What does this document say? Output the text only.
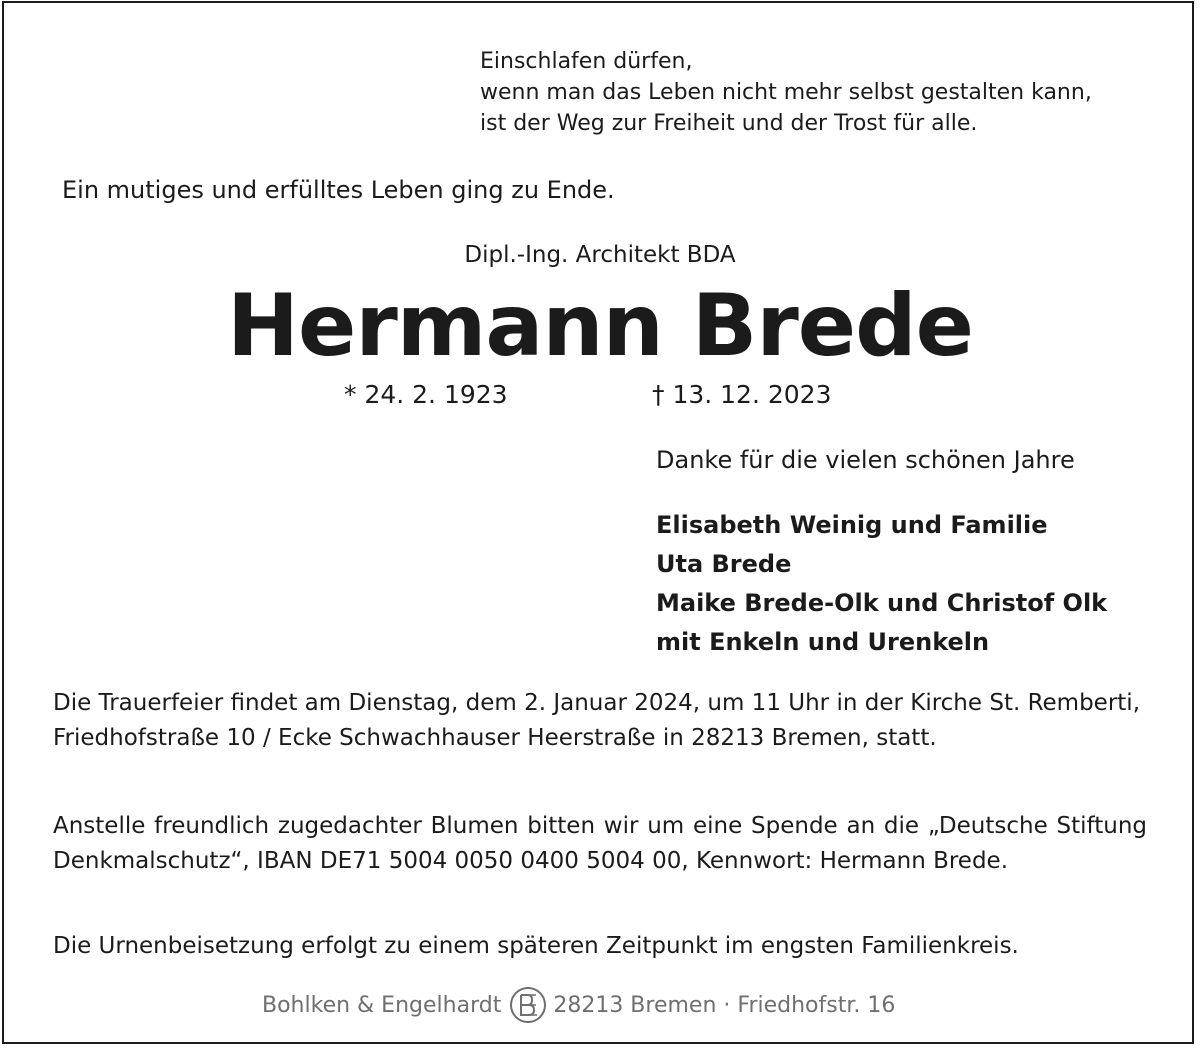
Einschlafen dürfen,
wenn man das Leben nicht mehr selbst gestalten kann,
ist der Weg zur Freiheit und der Trost für alle.
Ein mutiges und erfülltes Leben ging zu Ende.
Dipl.-Ing. Architekt BDA
Hermann Brede
* 24. 2. 1923	† 13. 12. 2023
Danke für die vielen schönen Jahre
Elisabeth Weinig und Familie
Uta Brede
Maike Brede-Olk und Christof Olk
mit Enkeln und Urenkeln
Die Trauerfeier findet am Dienstag, dem 2. Januar 2024, um 11 Uhr in der Kirche St. Remberti, Friedhofstraße 10 / Ecke Schwachhauser Heerstraße in 28213 Bremen, statt.
Anstelle freundlich zugedachter Blumen bitten wir um eine Spende an die „Deutsche Stiftung Denkmalschutz“, IBAN DE71 5004 0050 0400 5004 00, Kennwort: Hermann Brede.
Die Urnenbeisetzung erfolgt zu einem späteren Zeitpunkt im engsten Familienkreis.
Bohlken & Engelhardt 28213 Bremen · Friedhofstr. 16
